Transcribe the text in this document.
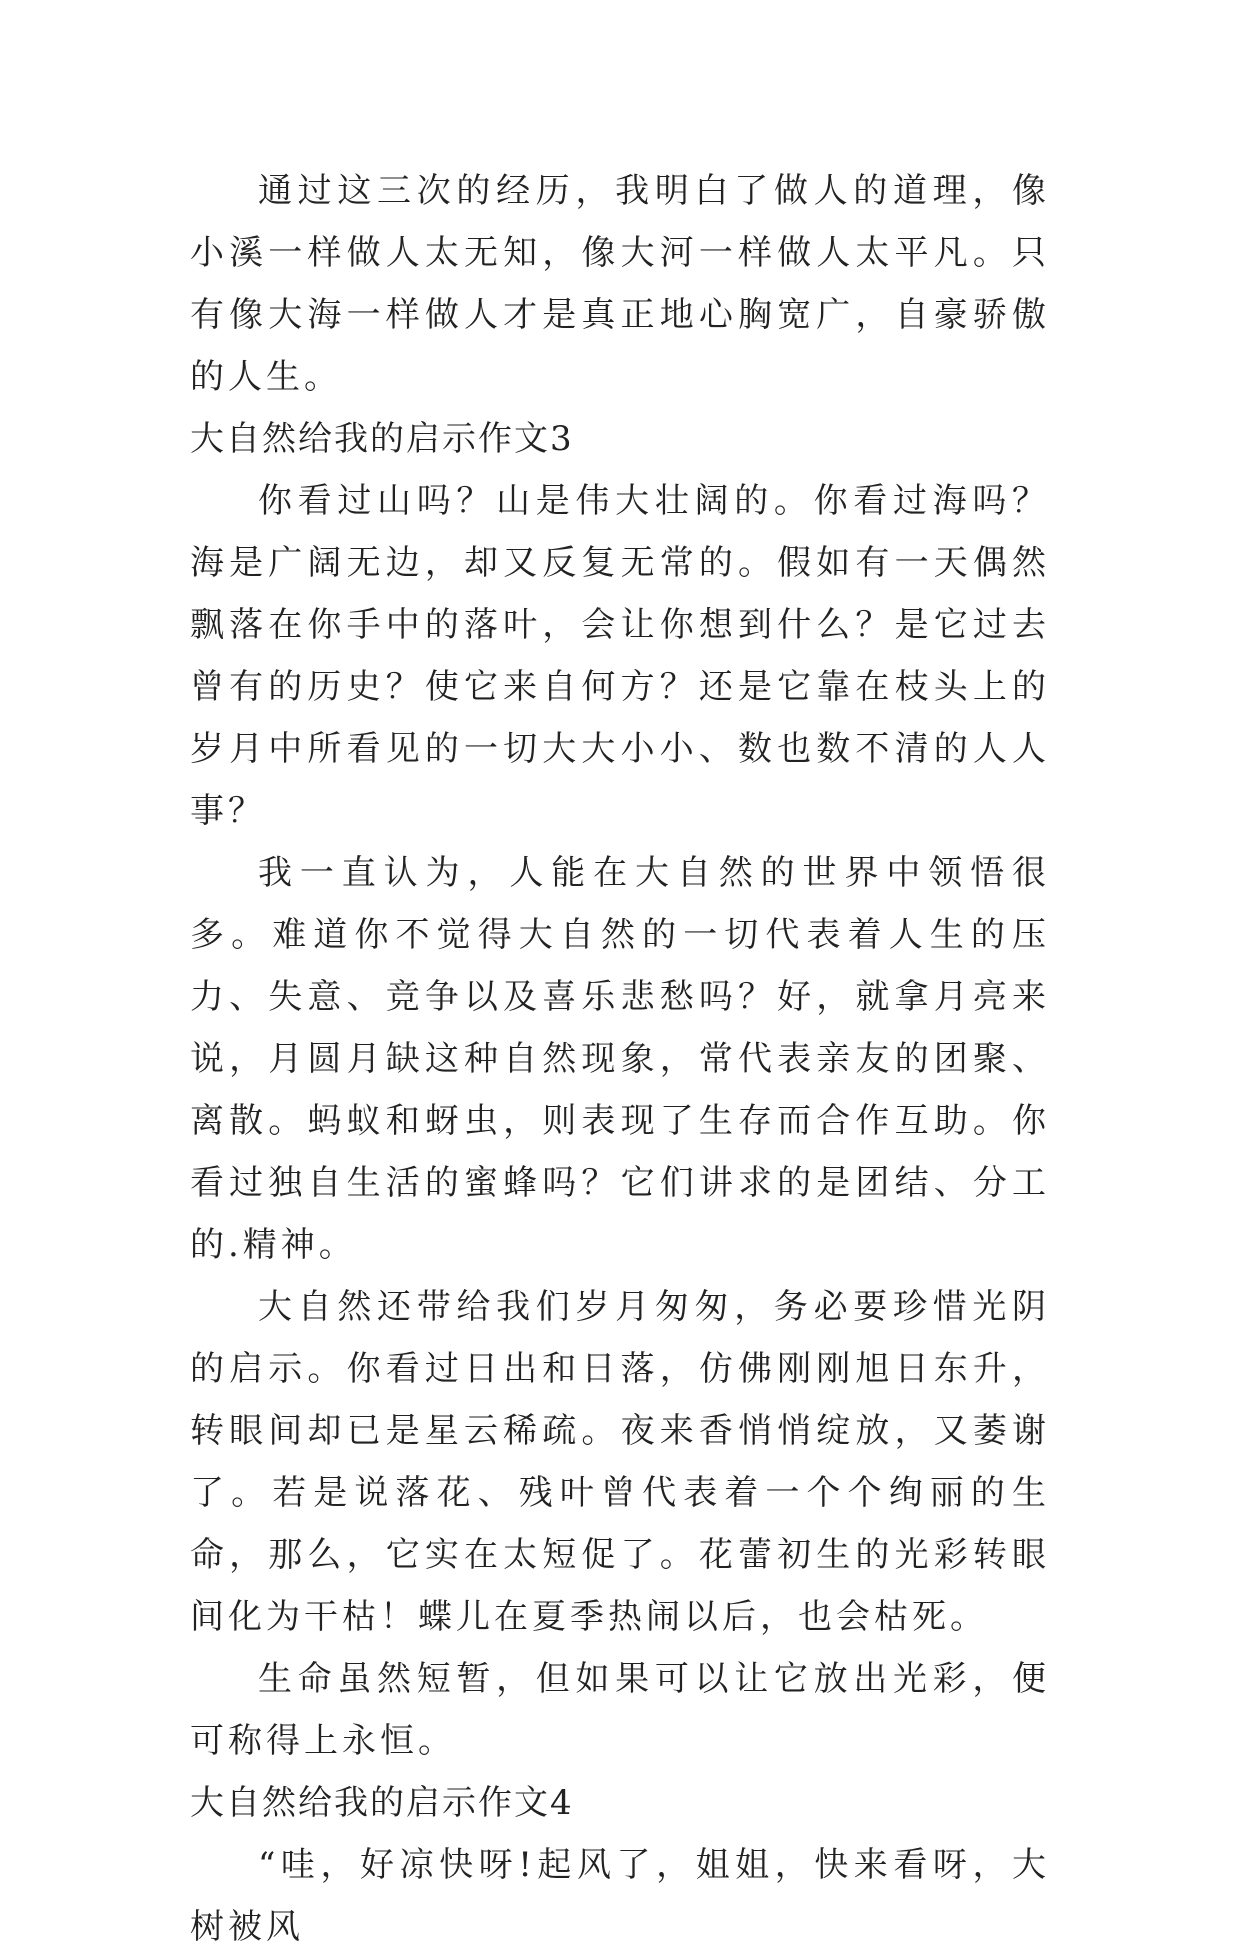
通过这三次的经历，我明白了做人的道理，像小溪一样做人太无知，像大河一样做人太平凡。只有像大海一样做人才是真正地心胸宽广，自豪骄傲的人生。

大自然给我的启示作文3

你看过山吗？山是伟大壮阔的。你看过海吗？海是广阔无边，却又反复无常的。假如有一天偶然飘落在你手中的落叶，会让你想到什么？是它过去曾有的历史？使它来自何方？还是它靠在枝头上的岁月中所看见的一切大大小小、数也数不清的人人事？

我一直认为，人能在大自然的世界中领悟很多。难道你不觉得大自然的一切代表着人生的压力、失意、竞争以及喜乐悲愁吗？好，就拿月亮来说，月圆月缺这种自然现象，常代表亲友的团聚、离散。蚂蚁和蚜虫，则表现了生存而合作互助。你看过独自生活的蜜蜂吗？它们讲求的是团结、分工的.精神。

大自然还带给我们岁月匆匆，务必要珍惜光阴的启示。你看过日出和日落，仿佛刚刚旭日东升，转眼间却已是星云稀疏。夜来香悄悄绽放，又萎谢了。若是说落花、残叶曾代表着一个个绚丽的生命，那么，它实在太短促了。花蕾初生的光彩转眼间化为干枯！蝶儿在夏季热闹以后，也会枯死。

生命虽然短暂，但如果可以让它放出光彩，便可称得上永恒。

大自然给我的启示作文4

“哇，好凉快呀!起风了，姐姐，快来看呀，大树被风
